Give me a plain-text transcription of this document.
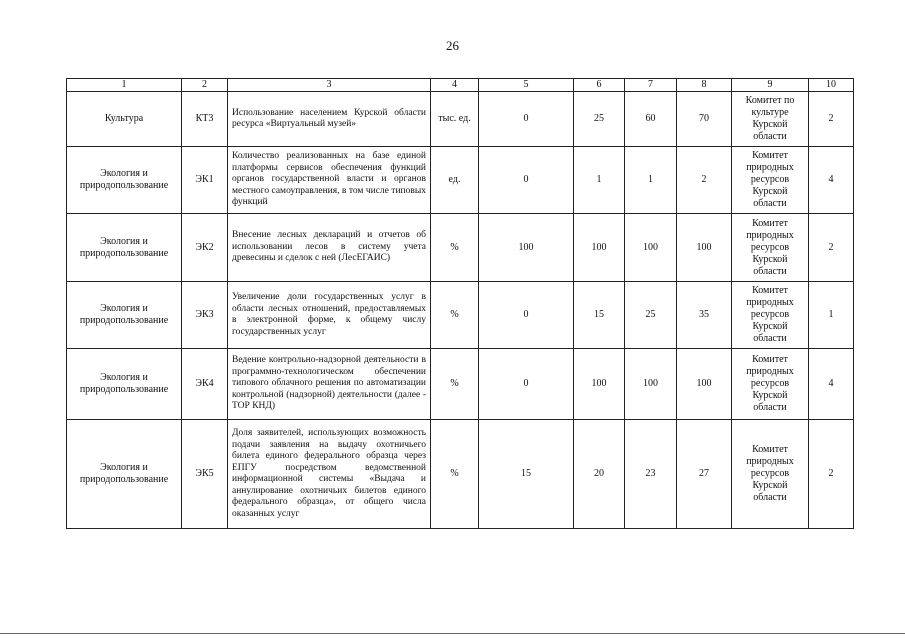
26
1	2	3	4	5	6	7	8	9	10
Культура	КТ3	Использование населением Курской области ресурса «Виртуальный музей»	тыс. ед.	0	25	60	70	Комитет по культуре Курской области	2
Экология и природопользование	ЭК1	Количество реализованных на базе единой платформы сервисов обеспечения функций органов государственной власти и органов местного самоуправления, в том числе типовых функций	ед.	0	1	1	2	Комитет природных ресурсов Курской области	4
Экология и природопользование	ЭК2	Внесение лесных деклараций и отчетов об использовании лесов в систему учета древесины и сделок с ней (ЛесЕГАИС)	%	100	100	100	100	Комитет природных ресурсов Курской области	2
Экология и природопользование	ЭК3	Увеличение доли государственных услуг в области лесных отношений, предоставляемых в электронной форме, к общему числу государственных услуг	%	0	15	25	35	Комитет природных ресурсов Курской области	1
Экология и природопользование	ЭК4	Ведение контрольно-надзорной деятельности в программно-технологическом обеспечении типового облачного решения по автоматизации контрольной (надзорной) деятельности (далее - ТОР КНД)	%	0	100	100	100	Комитет природных ресурсов Курской области	4
Экология и природопользование	ЭК5	Доля заявителей, использующих возможность подачи заявления на выдачу охотничьего билета единого федерального образца через ЕПГУ посредством ведомственной информационной системы «Выдача и аннулирование охотничьих билетов единого федерального образца», от общего числа оказанных услуг	%	15	20	23	27	Комитет природных ресурсов Курской области	2
